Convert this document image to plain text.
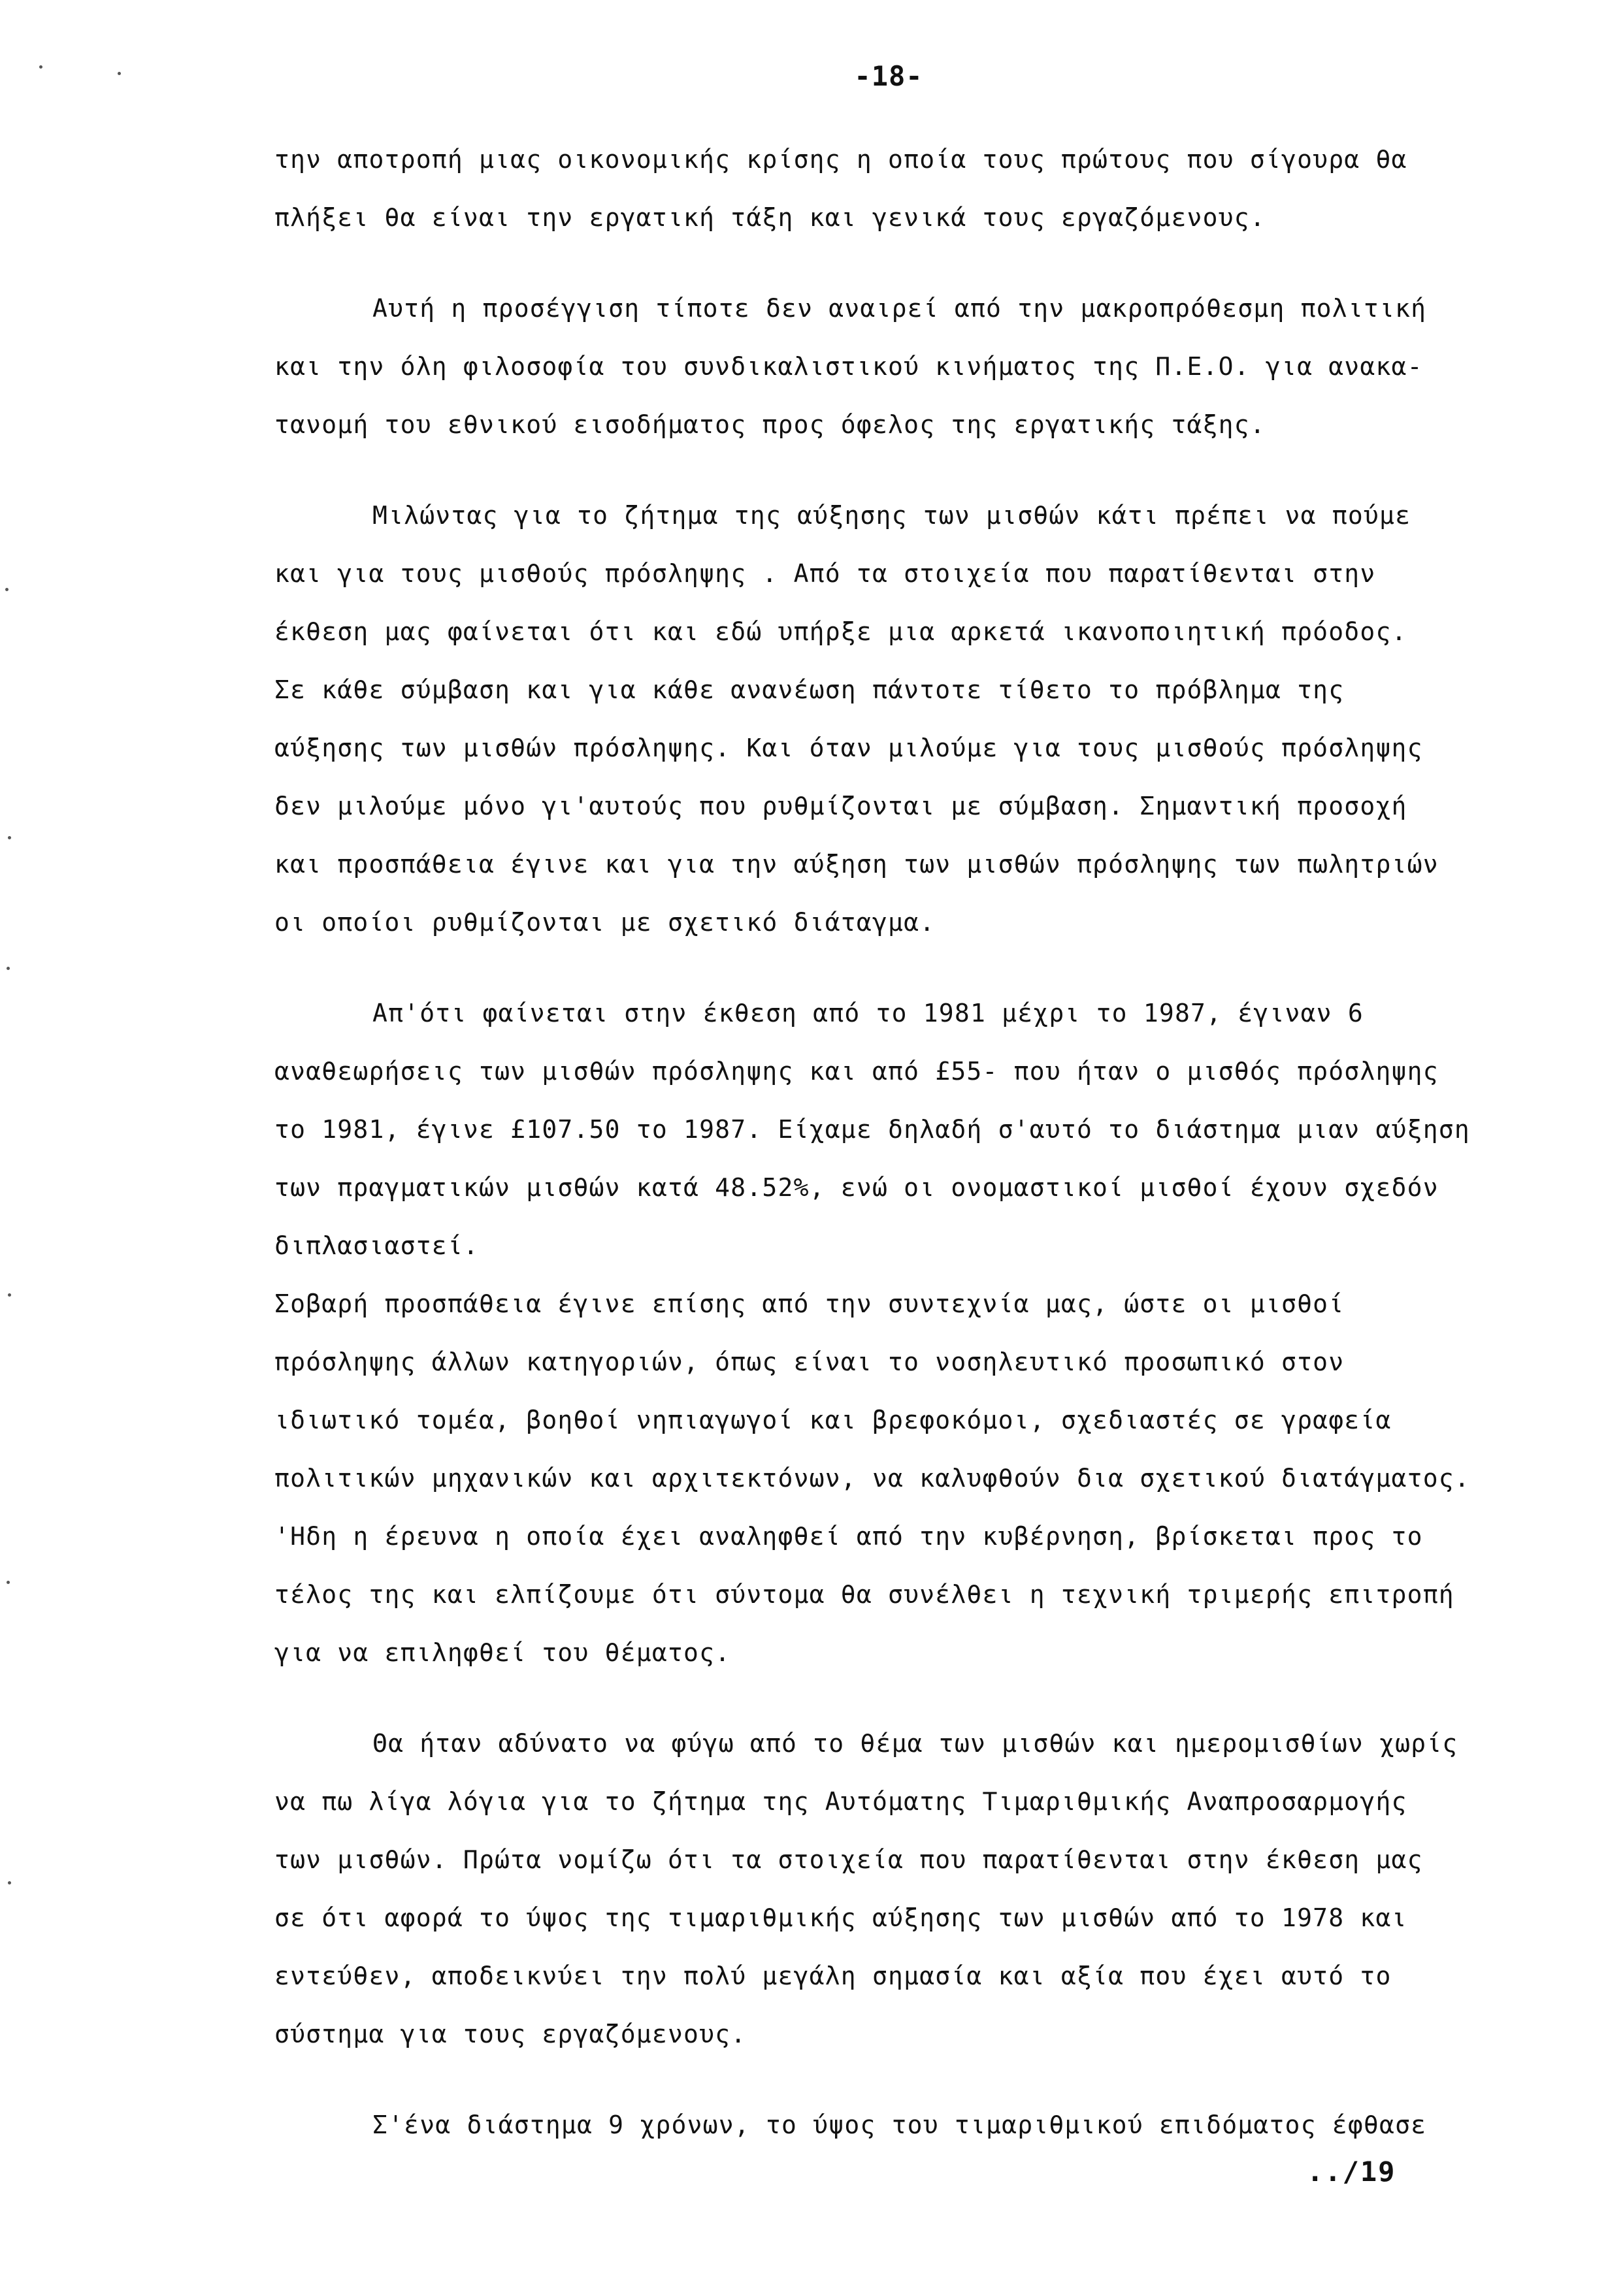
-18-
την αποτροπή μιας οικονομικής κρίσης η οποία τους πρώτους που σίγουρα θα
πλήξει θα είναι την εργατική τάξη και γενικά τους εργαζόμενους.
Αυτή η προσέγγιση τίποτε δεν αναιρεί από την μακροπρόθεσμη πολιτική
και την όλη φιλοσοφία του συνδικαλιστικού κινήματος της Π.Ε.Ο. για ανακα-
τανομή του εθνικού εισοδήματος προς όφελος της εργατικής τάξης.
Μιλώντας για το ζήτημα της αύξησης των μισθών κάτι πρέπει να πούμε
και για τους μισθούς πρόσληψης . Από τα στοιχεία που παρατίθενται στην
έκθεση μας φαίνεται ότι και εδώ υπήρξε μια αρκετά ικανοποιητική πρόοδος.
Σε κάθε σύμβαση και για κάθε ανανέωση πάντοτε τίθετο το πρόβλημα της
αύξησης των μισθών πρόσληψης. Και όταν μιλούμε για τους μισθούς πρόσληψης
δεν μιλούμε μόνο γι'αυτούς που ρυθμίζονται με σύμβαση. Σημαντική προσοχή
και προσπάθεια έγινε και για την αύξηση των μισθών πρόσληψης των πωλητριών
οι οποίοι ρυθμίζονται με σχετικό διάταγμα.
Απ'ότι φαίνεται στην έκθεση από το 1981 μέχρι το 1987, έγιναν 6
αναθεωρήσεις των μισθών πρόσληψης και από £55- που ήταν ο μισθός πρόσληψης
το 1981, έγινε £107.50 το 1987. Είχαμε δηλαδή σ'αυτό το διάστημα μιαν αύξηση
των πραγματικών μισθών κατά 48.52%, ενώ οι ονομαστικοί μισθοί έχουν σχεδόν
διπλασιαστεί.
Σοβαρή προσπάθεια έγινε επίσης από την συντεχνία μας, ώστε οι μισθοί
πρόσληψης άλλων κατηγοριών, όπως είναι το νοσηλευτικό προσωπικό στον
ιδιωτικό τομέα, βοηθοί νηπιαγωγοί και βρεφοκόμοι, σχεδιαστές σε γραφεία
πολιτικών μηχανικών και αρχιτεκτόνων, να καλυφθούν δια σχετικού διατάγματος.
'Ηδη η έρευνα η οποία έχει αναληφθεί από την κυβέρνηση, βρίσκεται προς το
τέλος της και ελπίζουμε ότι σύντομα θα συνέλθει η τεχνική τριμερής επιτροπή
για να επιληφθεί του θέματος.
Θα ήταν αδύνατο να φύγω από το θέμα των μισθών και ημερομισθίων χωρίς
να πω λίγα λόγια για το ζήτημα της Αυτόματης Τιμαριθμικής Αναπροσαρμογής
των μισθών. Πρώτα νομίζω ότι τα στοιχεία που παρατίθενται στην έκθεση μας
σε ότι αφορά το ύψος της τιμαριθμικής αύξησης των μισθών από το 1978 και
εντεύθεν, αποδεικνύει την πολύ μεγάλη σημασία και αξία που έχει αυτό το
σύστημα για τους εργαζόμενους.
Σ'ένα διάστημα 9 χρόνων, το ύψος του τιμαριθμικού επιδόματος έφθασε
../19
